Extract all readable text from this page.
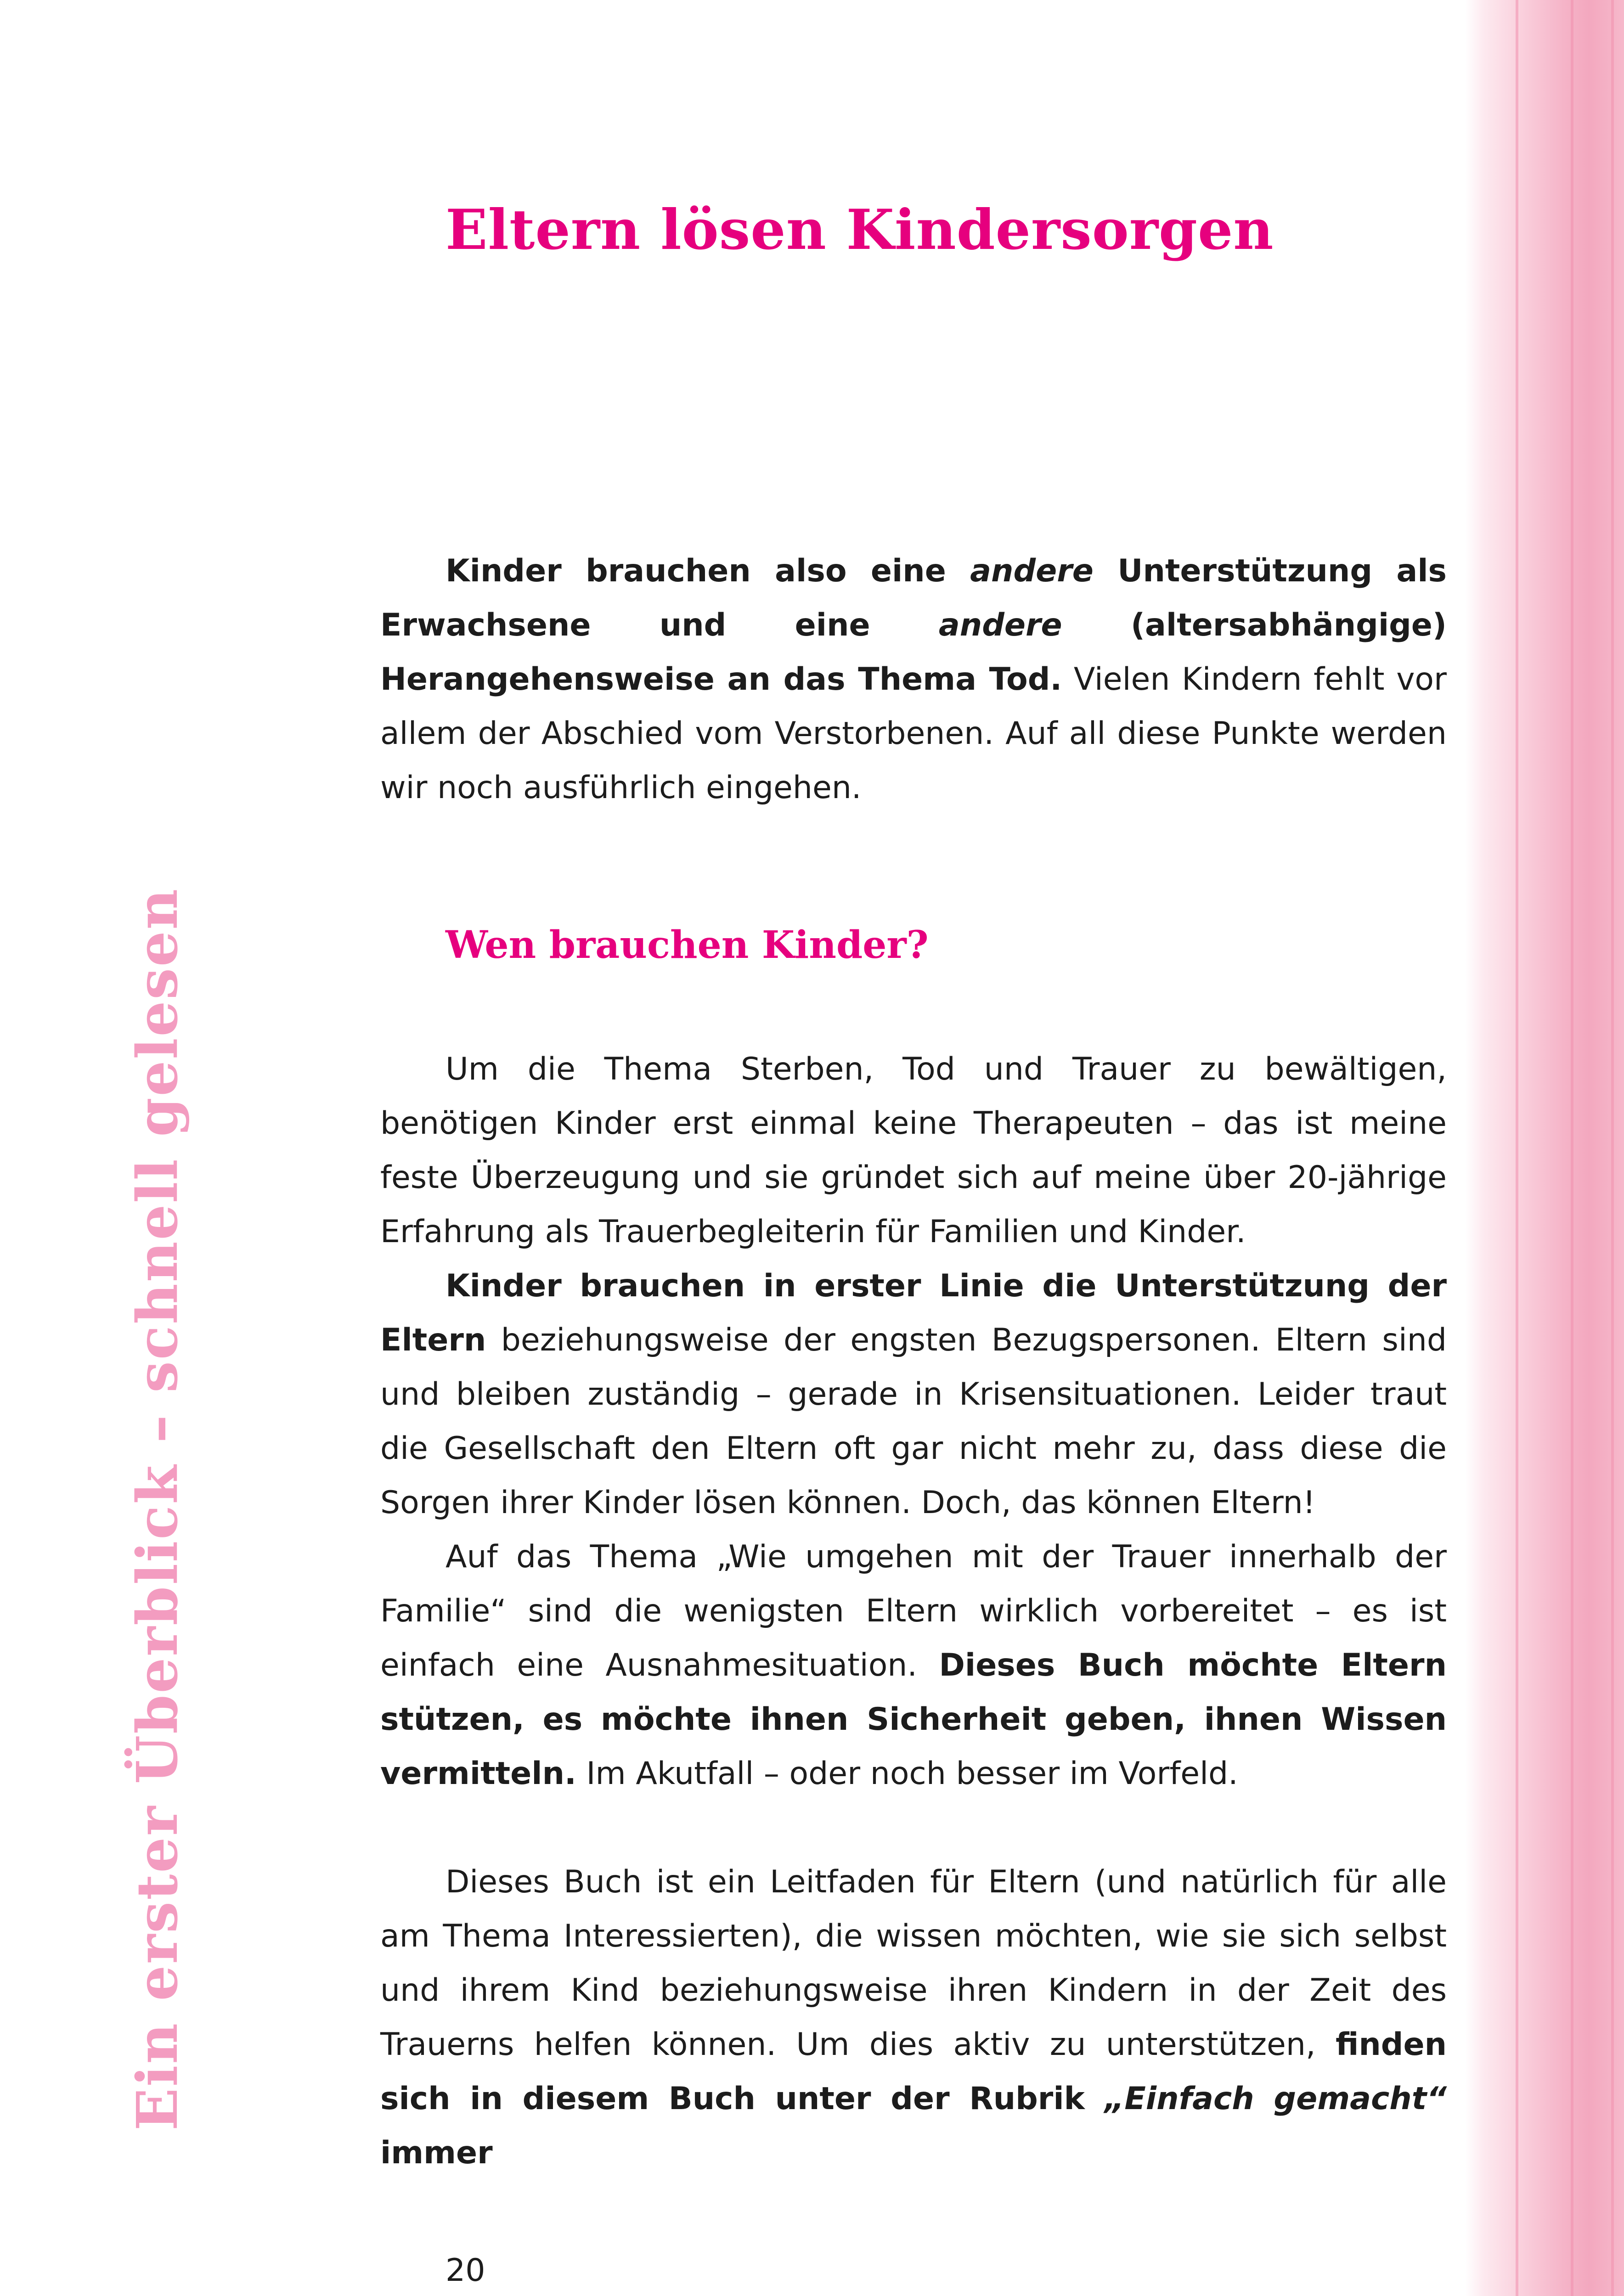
Eltern lösen Kindersorgen
Ein erster Überblick – schnell gelesen

Kinder brauchen also eine andere Unterstützung als Erwachsene und eine andere (altersabhängige) Herangehensweise an das Thema Tod. Vielen Kindern fehlt vor allem der Abschied vom Verstorbenen. Auf all diese Punkte werden wir noch ausführlich eingehen.

Wen brauchen Kinder?

Um die Thema Sterben, Tod und Trauer zu bewältigen, benötigen Kinder erst einmal keine Therapeuten – das ist meine feste Überzeugung und sie gründet sich auf meine über 20-jährige Erfahrung als Trauerbegleiterin für Familien und Kinder.

Kinder brauchen in erster Linie die Unterstützung der Eltern beziehungsweise der engsten Bezugspersonen. Eltern sind und bleiben zuständig – gerade in Krisensituationen. Leider traut die Gesellschaft den Eltern oft gar nicht mehr zu, dass diese die Sorgen ihrer Kinder lösen können. Doch, das können Eltern!

Auf das Thema „Wie umgehen mit der Trauer innerhalb der Familie“ sind die wenigsten Eltern wirklich vorbereitet – es ist einfach eine Ausnahmesituation. Dieses Buch möchte Eltern stützen, es möchte ihnen Sicherheit geben, ihnen Wissen vermitteln. Im Akutfall – oder noch besser im Vorfeld.

Dieses Buch ist ein Leitfaden für Eltern (und natürlich für alle am Thema Interessierten), die wissen möchten, wie sie sich selbst und ihrem Kind beziehungsweise ihren Kindern in der Zeit des Trauerns helfen können. Um dies aktiv zu unterstützen, finden sich in diesem Buch unter der Rubrik „Einfach gemacht“ immer

20
